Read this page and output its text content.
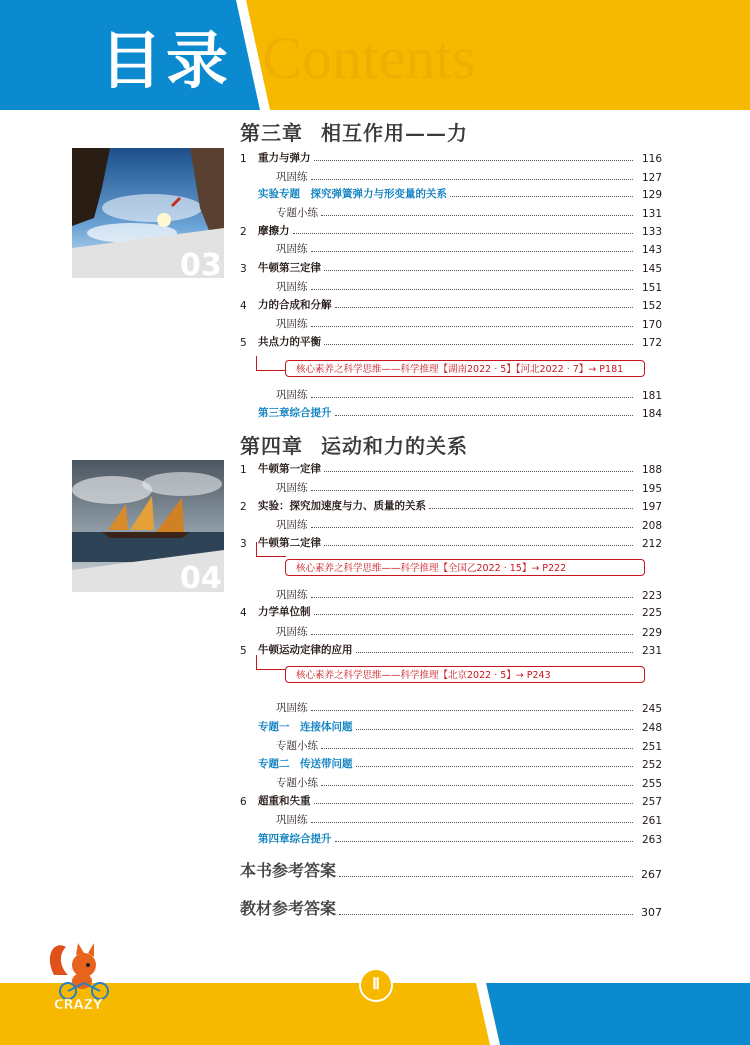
Contents
目录
第三章 相互作用——力
03
1	重力与弹力	116
巩固练	127
实验专题　探究弹簧弹力与形变量的关系	129
专题小练	131
2	摩擦力	133
巩固练	143
3	牛顿第三定律	145
巩固练	151
4	力的合成和分解	152
巩固练	170
5	共点力的平衡	172
巩固练	181
第三章综合提升	184
核心素养之科学思维——科学推理【湖南2022 · 5】【河北2022 · 7】→ P181
第四章 运动和力的关系
04
1	牛顿第一定律	188
巩固练	195
2	实验：探究加速度与力、质量的关系	197
巩固练	208
3	牛顿第二定律	212
巩固练	223
4	力学单位制	225
巩固练	229
5	牛顿运动定律的应用	231
巩固练	245
专题一　连接体问题	248
专题小练	251
专题二　传送带问题	252
专题小练	255
6	超重和失重	257
巩固练	261
第四章综合提升	263
核心素养之科学思维——科学推理【全国乙2022 · 15】→ P222
核心素养之科学思维——科学推理【北京2022 · 5】→ P243
本书参考答案	267
教材参考答案	307
Ⅱ
CRAZY
